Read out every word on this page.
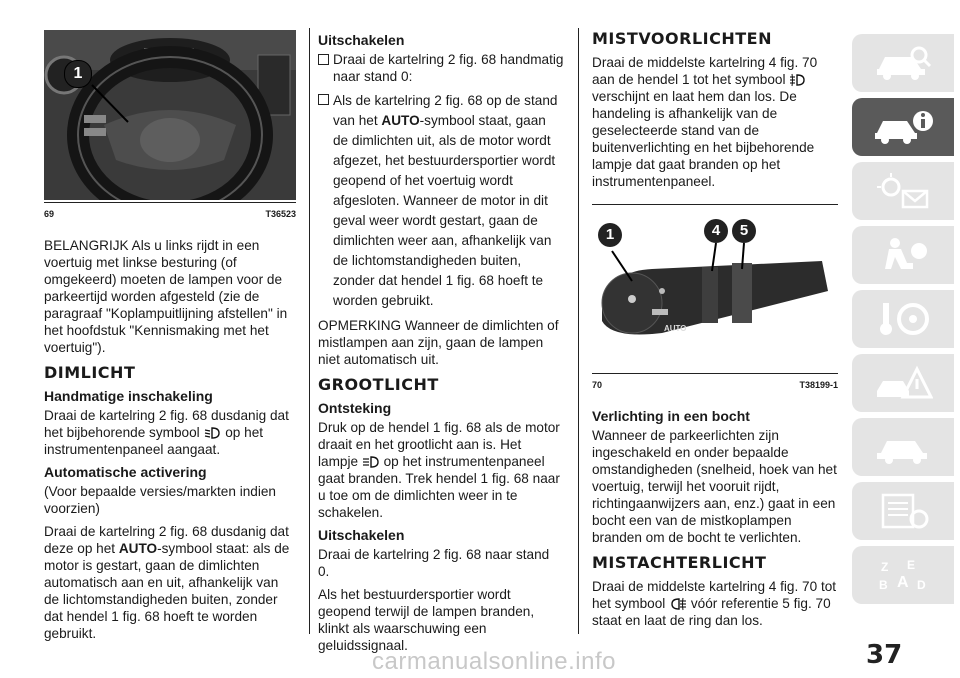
1
69	T36523

BELANGRIJK Als u links rijdt in een voertuig met linkse besturing (of omgekeerd) moeten de lampen voor de parkeertijd worden afgesteld (zie de paragraaf "Koplampuitlijning afstellen" in het hoofdstuk "Kennismaking met het voertuig").

DIMLICHT
Handmatige inschakeling

Draai de kartelring 2 fig. 68 dusdanig dat het bijbehorende symbool op het instrumentenpaneel aangaat.

Automatische activering

(Voor bepaalde versies/markten indien voorzien)

Draai de kartelring 2 fig. 68 dusdanig dat deze op het AUTO-symbool staat: als de motor is gestart, gaan de dimlichten automatisch aan en uit, afhankelijk van de lichtomstandigheden buiten, zonder dat hendel 1 fig. 68 hoeft te worden gebruikt.

Uitschakelen

Draai de kartelring 2 fig. 68 handmatig naar stand 0:

Als de kartelring 2 fig. 68 op de stand van het AUTO-symbool staat, gaan de dimlichten uit, als de motor wordt afgezet, het bestuurdersportier wordt geopend of het voertuig wordt afgesloten. Wanneer de motor in dit geval weer wordt gestart, gaan de dimlichten weer aan, afhankelijk van de lichtomstandigheden buiten, zonder dat hendel 1 fig. 68 hoeft te worden gebruikt.

OPMERKING Wanneer de dimlichten of mistlampen aan zijn, gaan de lampen niet automatisch uit.

GROOTLICHT
Ontsteking

Druk op de hendel 1 fig. 68 als de motor draait en het grootlicht aan is. Het lampje op het instrumentenpaneel gaat branden. Trek hendel 1 fig. 68 naar u toe om de dimlichten weer in te schakelen.

Uitschakelen

Draai de kartelring 2 fig. 68 naar stand 0.

Als het bestuurdersportier wordt geopend terwijl de lampen branden, klinkt als waarschuwing een geluidssignaal.

MISTVOORLICHTEN

Draai de middelste kartelring 4 fig. 70 aan de hendel 1 tot het symbool  verschijnt en laat hem dan los. De handeling is afhankelijk van de geselecteerde stand van de buitenverlichting en het bijbehorende lampje dat gaat branden op het instrumentenpaneel.

AUTO
1	4	5
70	T38199-1
Verlichting in een bocht

Wanneer de parkeerlichten zijn ingeschakeld en onder bepaalde omstandigheden (snelheid, hoek van het voertuig, terwijl het vooruit rijdt, richtingaanwijzers aan, enz.) gaat in een bocht een van de mistkoplampen branden om de bocht te verlichten.

MISTACHTERLICHT

Draai de middelste kartelring 4 fig. 70 tot het symbool vóór referentie 5 fig. 70 staat en laat de ring dan los.

Z E
B A D
37
carmanualsonline.info
